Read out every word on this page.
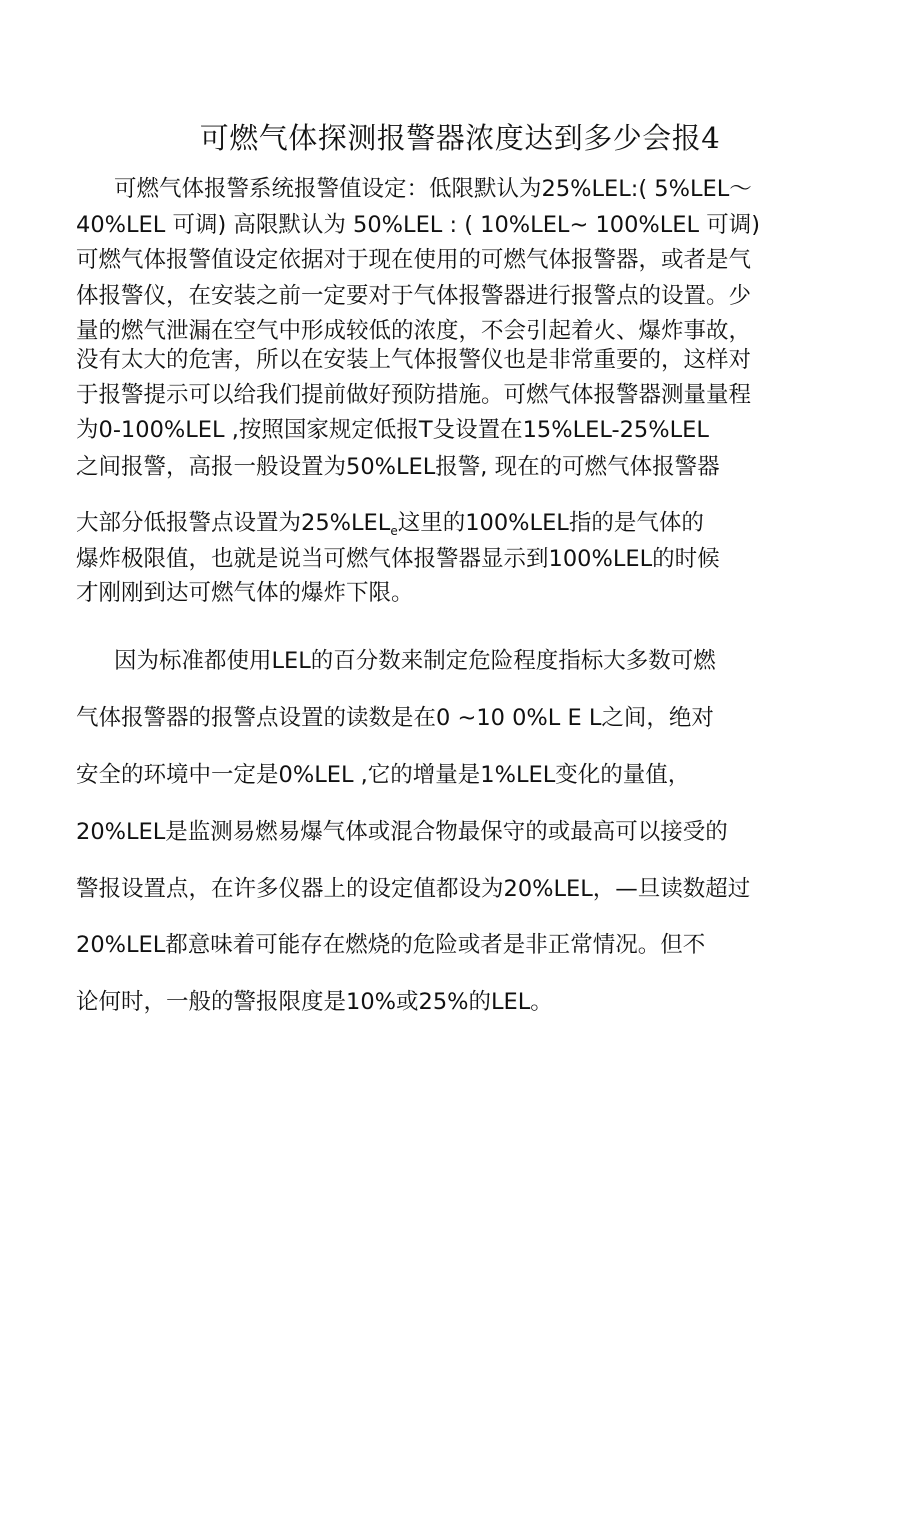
可燃气体探测报警器浓度达到多少会报4
可燃气体报警系统报警值设定：低限默认为25%LEL:( 5%LEL～
40%LEL 可调) 高限默认为 50%LEL : ( 10%LEL~ 100%LEL 可调)
可燃气体报警值设定依据对于现在使用的可燃气体报警器，或者是气
体报警仪，在安装之前一定要对于气体报警器进行报警点的设置。少
量的燃气泄漏在空气中形成较低的浓度，不会引起着火、爆炸事故，
没有太大的危害，所以在安装上气体报警仪也是非常重要的，这样对
于报警提示可以给我们提前做好预防措施。可燃气体报警器测量量程
为0-100%LEL ,按照国家规定低报T殳设置在15%LEL-25%LEL
之间报警，高报一般设置为50%LEL报警, 现在的可燃气体报警器
大部分低报警点设置为$25\%LEL_e$这里的100%LEL指的是气体的
爆炸极限值，也就是说当可燃气体报警器显示到100%LEL的时候
才刚刚到达可燃气体的爆炸下限。
因为标准都使用LEL的百分数来制定危险程度指标大多数可燃
气体报警器的报警点设置的读数是在0 ~10 0%L E L之间，绝对
安全的环境中一定是0%LEL ,它的增量是1%LEL变化的量值，
20%LEL是监测易燃易爆气体或混合物最保守的或最高可以接受的
警报设置点，在许多仪器上的设定值都设为20%LEL，—旦读数超过
20%LEL都意味着可能存在燃烧的危险或者是非正常情况。但不
论何时，一般的警报限度是10%或25%的LEL。
